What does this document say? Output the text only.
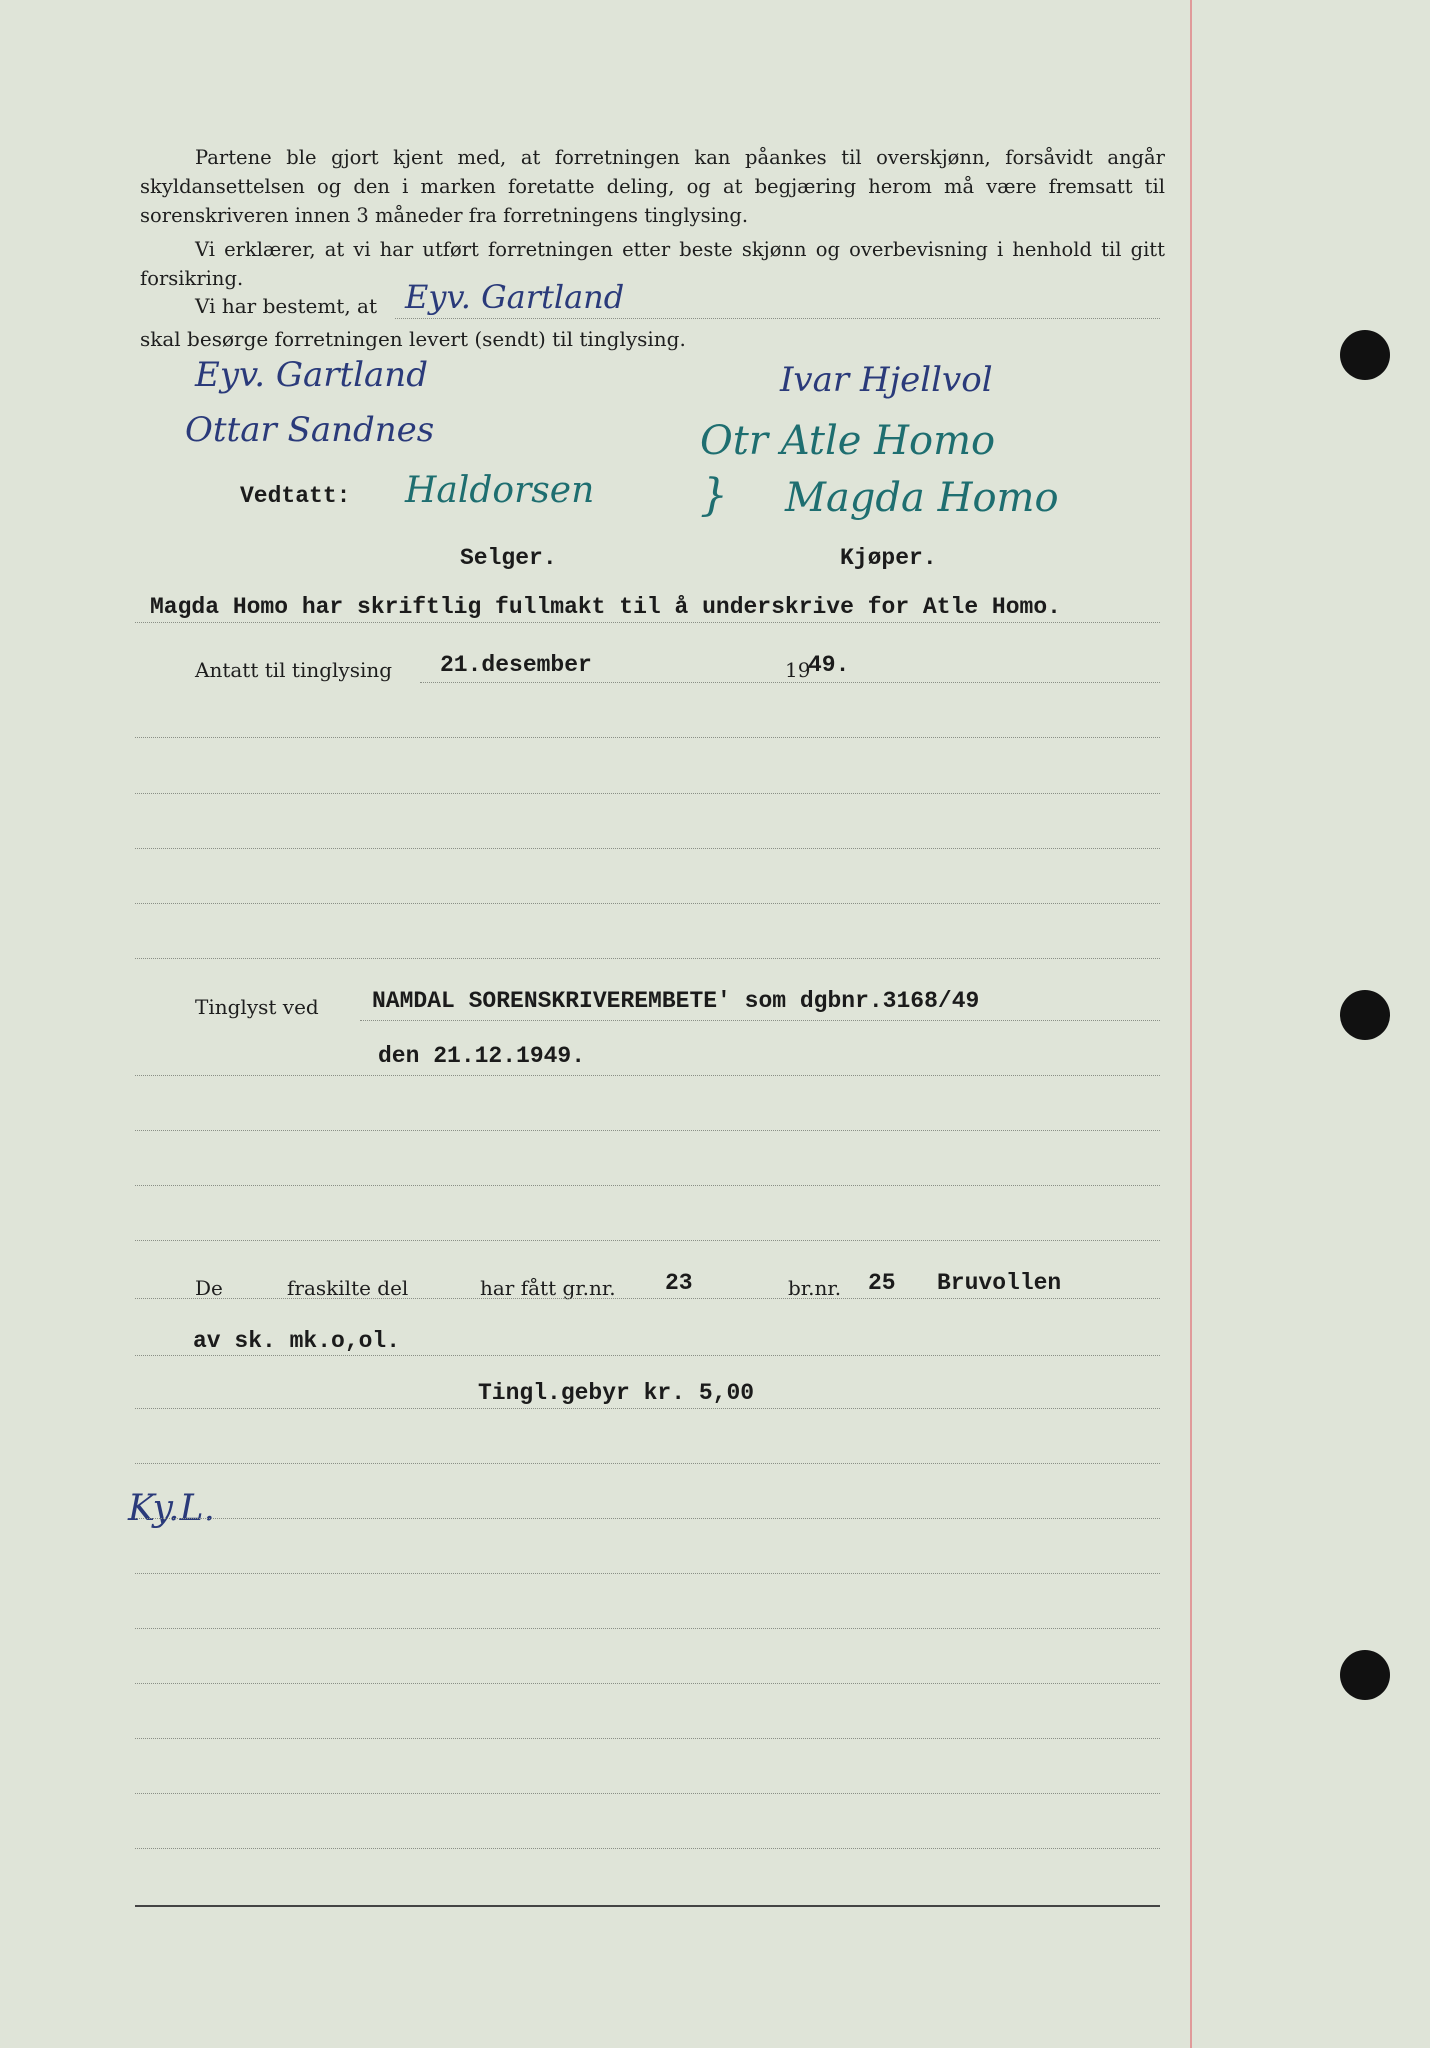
Partene ble gjort kjent med, at forretningen kan påankes til overskjønn, forsåvidt angår skyldansettelsen og den i marken foretatte deling, og at begjæring herom må være fremsatt til sorenskriveren innen 3 måneder fra forretningens tinglysing.
Vi erklærer, at vi har utført forretningen etter beste skjønn og overbevisning i henhold til gitt forsikring.
Vi har bestemt, at Eyv. Gartland
skal besørge forretningen levert (sendt) til tinglysing.
Eyv. Gartland	Ivar Hjellvol
Ottar Sandnes	Otr Atle Homo
Vedtatt: Haldorsen } Magda Homo
Selger.	Kjøper.
Magda Homo har skriftlig fullmakt til å underskrive for Atle Homo.
Antatt til tinglysing 21.desember	19
49.
Tinglyst ved NAMDAL SORENSKRIVEREMBETE' som dgbnr.3168/49
den 21.12.1949.
De	fraskilte del	har fått gr.nr. 23	br.nr. 25 Bruvollen
av sk. mk.o,ol.
Tingl.gebyr kr. 5,00
Ky.L.
